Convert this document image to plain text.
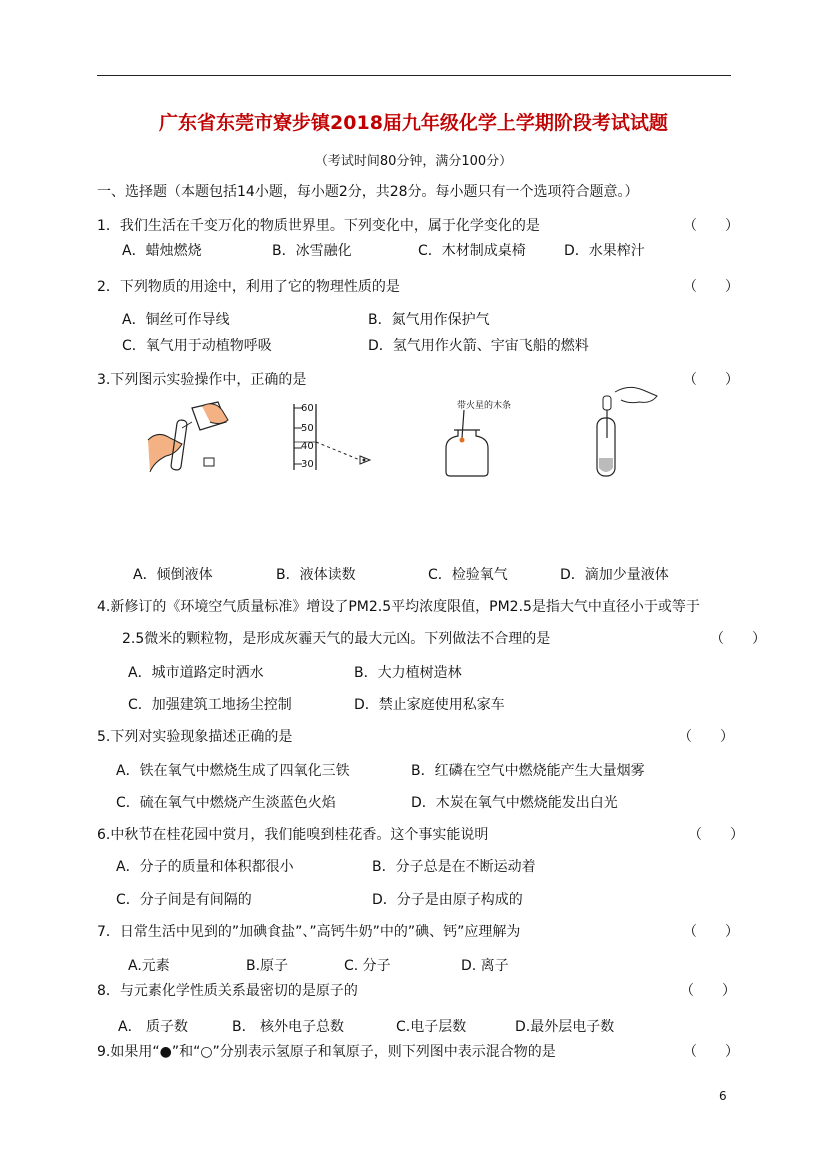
广东省东莞市寮步镇2018届九年级化学上学期阶段考试试题
（考试时间80分钟，满分100分）
一、选择题（本题包括14小题，每小题2分，共28分。每小题只有一个选项符合题意。）
1．我们生活在千变万化的物质世界里。下列变化中，属于化学变化的是	（　　）
A．蜡烛燃烧	B．冰雪融化	C．木材制成桌椅	D．水果榨汁
2．下列物质的用途中，利用了它的物理性质的是	（　　）
A．铜丝可作导线	B．氮气用作保护气
C．氧气用于动植物呼吸	D．氢气用作火箭、宇宙飞船的燃料
3.下列图示实验操作中，正确的是	（　　）
60
50
40
30
带火星的木条
A．倾倒液体	B．液体读数	C．检验氧气	D．滴加少量液体
4.新修订的《环境空气质量标准》增设了PM2.5平均浓度限值，PM2.5是指大气中直径小于或等于
2.5微米的颗粒物，是形成灰霾天气的最大元凶。下列做法不合理的是	（　　）
A．城市道路定时洒水	B．大力植树造林
C．加强建筑工地扬尘控制	D．禁止家庭使用私家车
5.下列对实验现象描述正确的是	（　　）
A．铁在氧气中燃烧生成了四氧化三铁	B．红磷在空气中燃烧能产生大量烟雾
C．硫在氧气中燃烧产生淡蓝色火焰	D．木炭在氧气中燃烧能发出白光
6.中秋节在桂花园中赏月，我们能嗅到桂花香。这个事实能说明	（　　）
A．分子的质量和体积都很小	B．分子总是在不断运动着
C．分子间是有间隔的	D．分子是由原子构成的
7．日常生活中见到的”加碘食盐”、”高钙牛奶”中的”碘、钙”应理解为	（　　）
A.元素	B.原子	C. 分子	D. 离子
8．与元素化学性质关系最密切的是原子的	（　　）
A． 质子数	B． 核外电子总数	C.电子层数	D.最外层电子数
9.如果用“●”和“○”分别表示氢原子和氧原子，则下列图中表示混合物的是	（　　）
6
